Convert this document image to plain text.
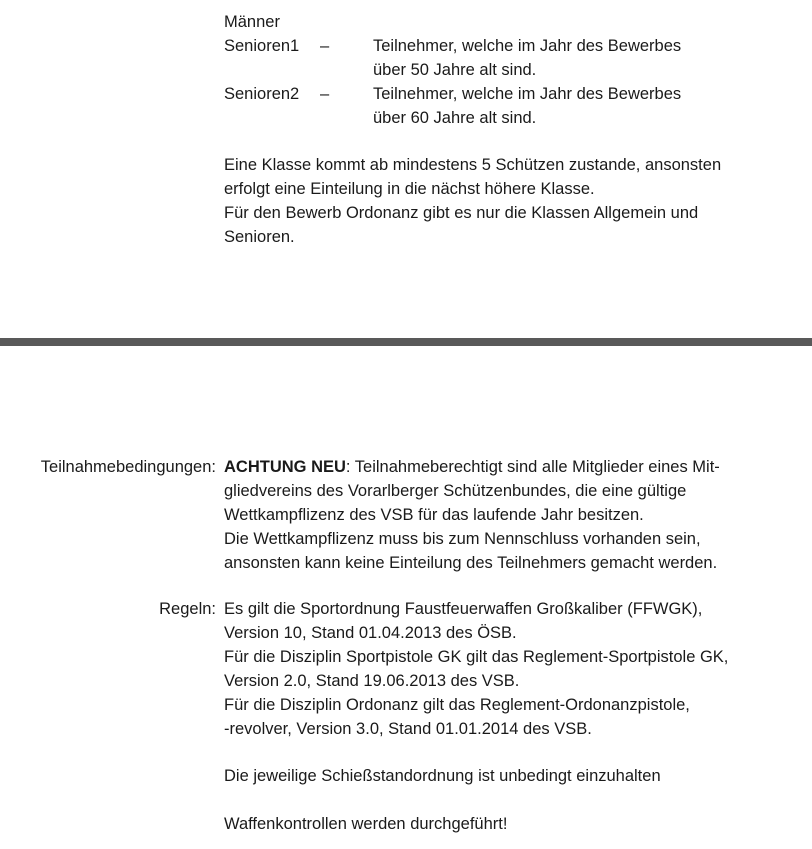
Männer
Senioren1 –	Teilnehmer, welche im Jahr des Bewerbes
über 50 Jahre alt sind.
Senioren2 –	Teilnehmer, welche im Jahr des Bewerbes
über 60 Jahre alt sind.
Eine Klasse kommt ab mindestens 5 Schützen zustande, ansonsten
erfolgt eine Einteilung in die nächst höhere Klasse.
Für den Bewerb Ordonanz gibt es nur die Klassen Allgemein und
Senioren.
Teilnahmebedingungen: ACHTUNG NEU: Teilnahmeberechtigt sind alle Mitglieder eines Mit-
gliedvereins des Vorarlberger Schützenbundes, die eine gültige
Wettkampflizenz des VSB für das laufende Jahr besitzen.
Die Wettkampflizenz muss bis zum Nennschluss vorhanden sein,
ansonsten kann keine Einteilung des Teilnehmers gemacht werden.
Regeln: Es gilt die Sportordnung Faustfeuerwaffen Großkaliber (FFWGK),
Version 10, Stand 01.04.2013 des ÖSB.
Für die Disziplin Sportpistole GK gilt das Reglement-Sportpistole GK,
Version 2.0, Stand 19.06.2013 des VSB.
Für die Disziplin Ordonanz gilt das Reglement-Ordonanzpistole,
-revolver, Version 3.0, Stand 01.01.2014 des VSB.
Die jeweilige Schießstandordnung ist unbedingt einzuhalten
Waffenkontrollen werden durchgeführt!
